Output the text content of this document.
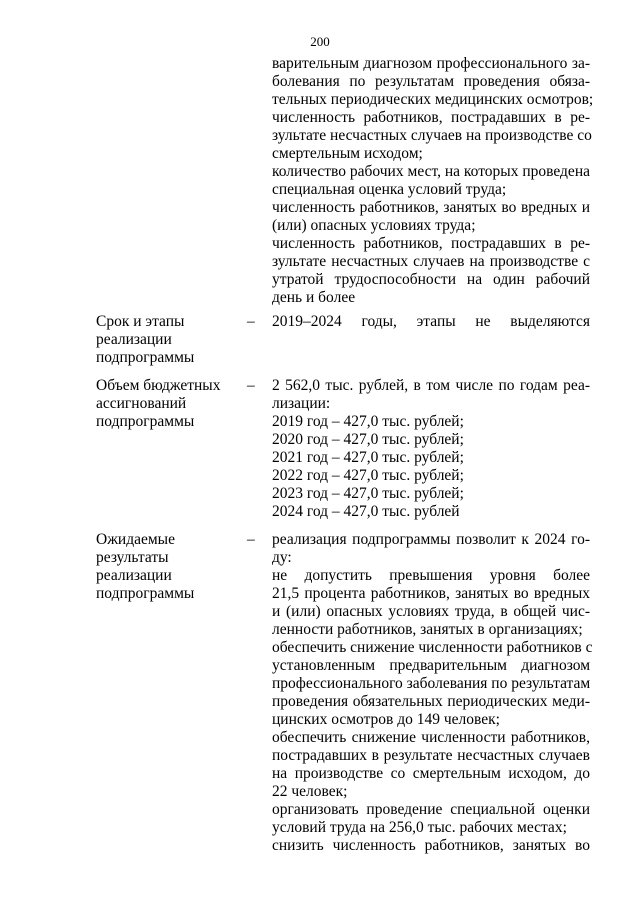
200
варительным диагнозом профессионального за-
болевания по результатам проведения обяза-
тельных периодических медицинских осмотров;
численность работников, пострадавших в ре-
зультате несчастных случаев на производстве со
смертельным исходом;
количество рабочих мест, на которых проведена
специальная оценка условий труда;
численность работников, занятых во вредных и
(или) опасных условиях труда;
численность работников, пострадавших в ре-
зультате несчастных случаев на производстве с
утратой трудоспособности на один рабочий
день и более
Срок и этапы
реализации
подпрограммы
– 2019–2024 годы, этапы не выделяются
Объем бюджетных
ассигнований
подпрограммы
– 2 562,0 тыс. рублей, в том числе по годам реа-
лизации:
2019 год – 427,0 тыс. рублей;
2020 год – 427,0 тыс. рублей;
2021 год – 427,0 тыс. рублей;
2022 год – 427,0 тыс. рублей;
2023 год – 427,0 тыс. рублей;
2024 год – 427,0 тыс. рублей
Ожидаемые
результаты
реализации
подпрограммы
– реализация подпрограммы позволит к 2024 го-
ду:
не допустить превышения уровня более
21,5 процента работников, занятых во вредных
и (или) опасных условиях труда, в общей чис-
ленности работников, занятых в организациях;
обеспечить снижение численности работников с
установленным предварительным диагнозом
профессионального заболевания по результатам
проведения обязательных периодических меди-
цинских осмотров до 149 человек;
обеспечить снижение численности работников,
пострадавших в результате несчастных случаев
на производстве со смертельным исходом, до
22 человек;
организовать проведение специальной оценки
условий труда на 256,0 тыс. рабочих местах;
снизить численность работников, занятых во
